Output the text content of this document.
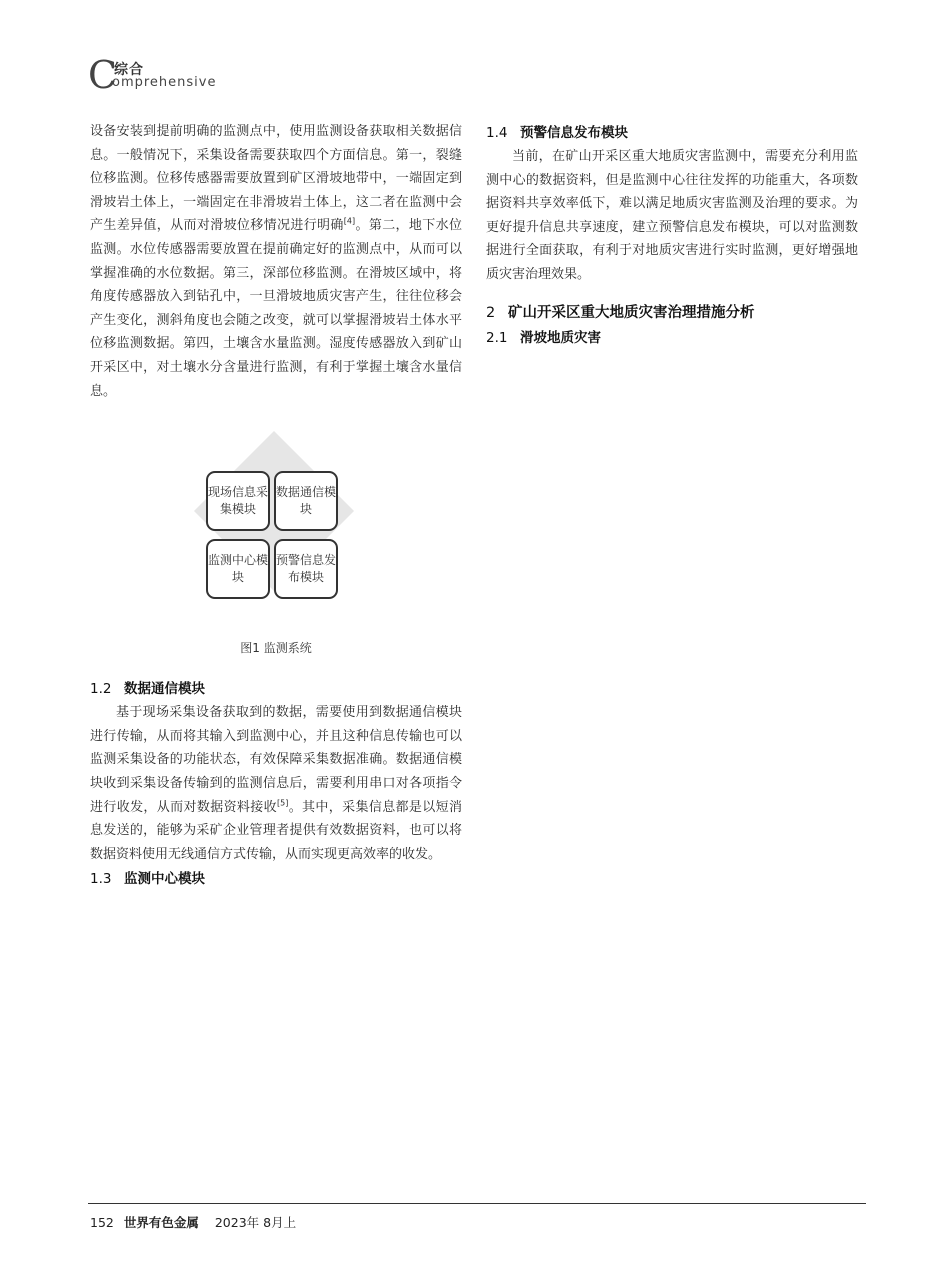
C
综合
omprehensive

设备安装到提前明确的监测点中，使用监测设备获取相关数据信息。一般情况下，采集设备需要获取四个方面信息。第一，裂缝位移监测。位移传感器需要放置到矿区滑坡地带中，一端固定到滑坡岩土体上，一端固定在非滑坡岩土体上，这二者在监测中会产生差异值，从而对滑坡位移情况进行明确[4]。第二，地下水位监测。水位传感器需要放置在提前确定好的监测点中，从而可以掌握准确的水位数据。第三，深部位移监测。在滑坡区域中，将角度传感器放入到钻孔中，一旦滑坡地质灾害产生，往往位移会产生变化，测斜角度也会随之改变，就可以掌握滑坡岩土体水平位移监测数据。第四，土壤含水量监测。湿度传感器放入到矿山开采区中，对土壤水分含量进行监测，有利于掌握土壤含水量信息。

现场信息采集模块
数据通信模块
监测中心模块
预警信息发布模块
图1 监测系统
1.2 数据通信模块

基于现场采集设备获取到的数据，需要使用到数据通信模块进行传输，从而将其输入到监测中心，并且这种信息传输也可以监测采集设备的功能状态，有效保障采集数据准确。数据通信模块收到采集设备传输到的监测信息后，需要利用串口对各项指令进行收发，从而对数据资料接收[5]。其中，采集信息都是以短消息发送的，能够为采矿企业管理者提供有效数据资料，也可以将数据资料使用无线通信方式传输，从而实现更高效率的收发。

1.3 监测中心模块
1.4 预警信息发布模块

当前，在矿山开采区重大地质灾害监测中，需要充分利用监测中心的数据资料，但是监测中心往往发挥的功能重大，各项数据资料共享效率低下，难以满足地质灾害监测及治理的要求。为更好提升信息共享速度，建立预警信息发布模块，可以对监测数据进行全面获取，有利于对地质灾害进行实时监测，更好增强地质灾害治理效果。

2 矿山开采区重大地质灾害治理措施分析
2.1 滑坡地质灾害
152 世界有色金属 2023年 8月上
